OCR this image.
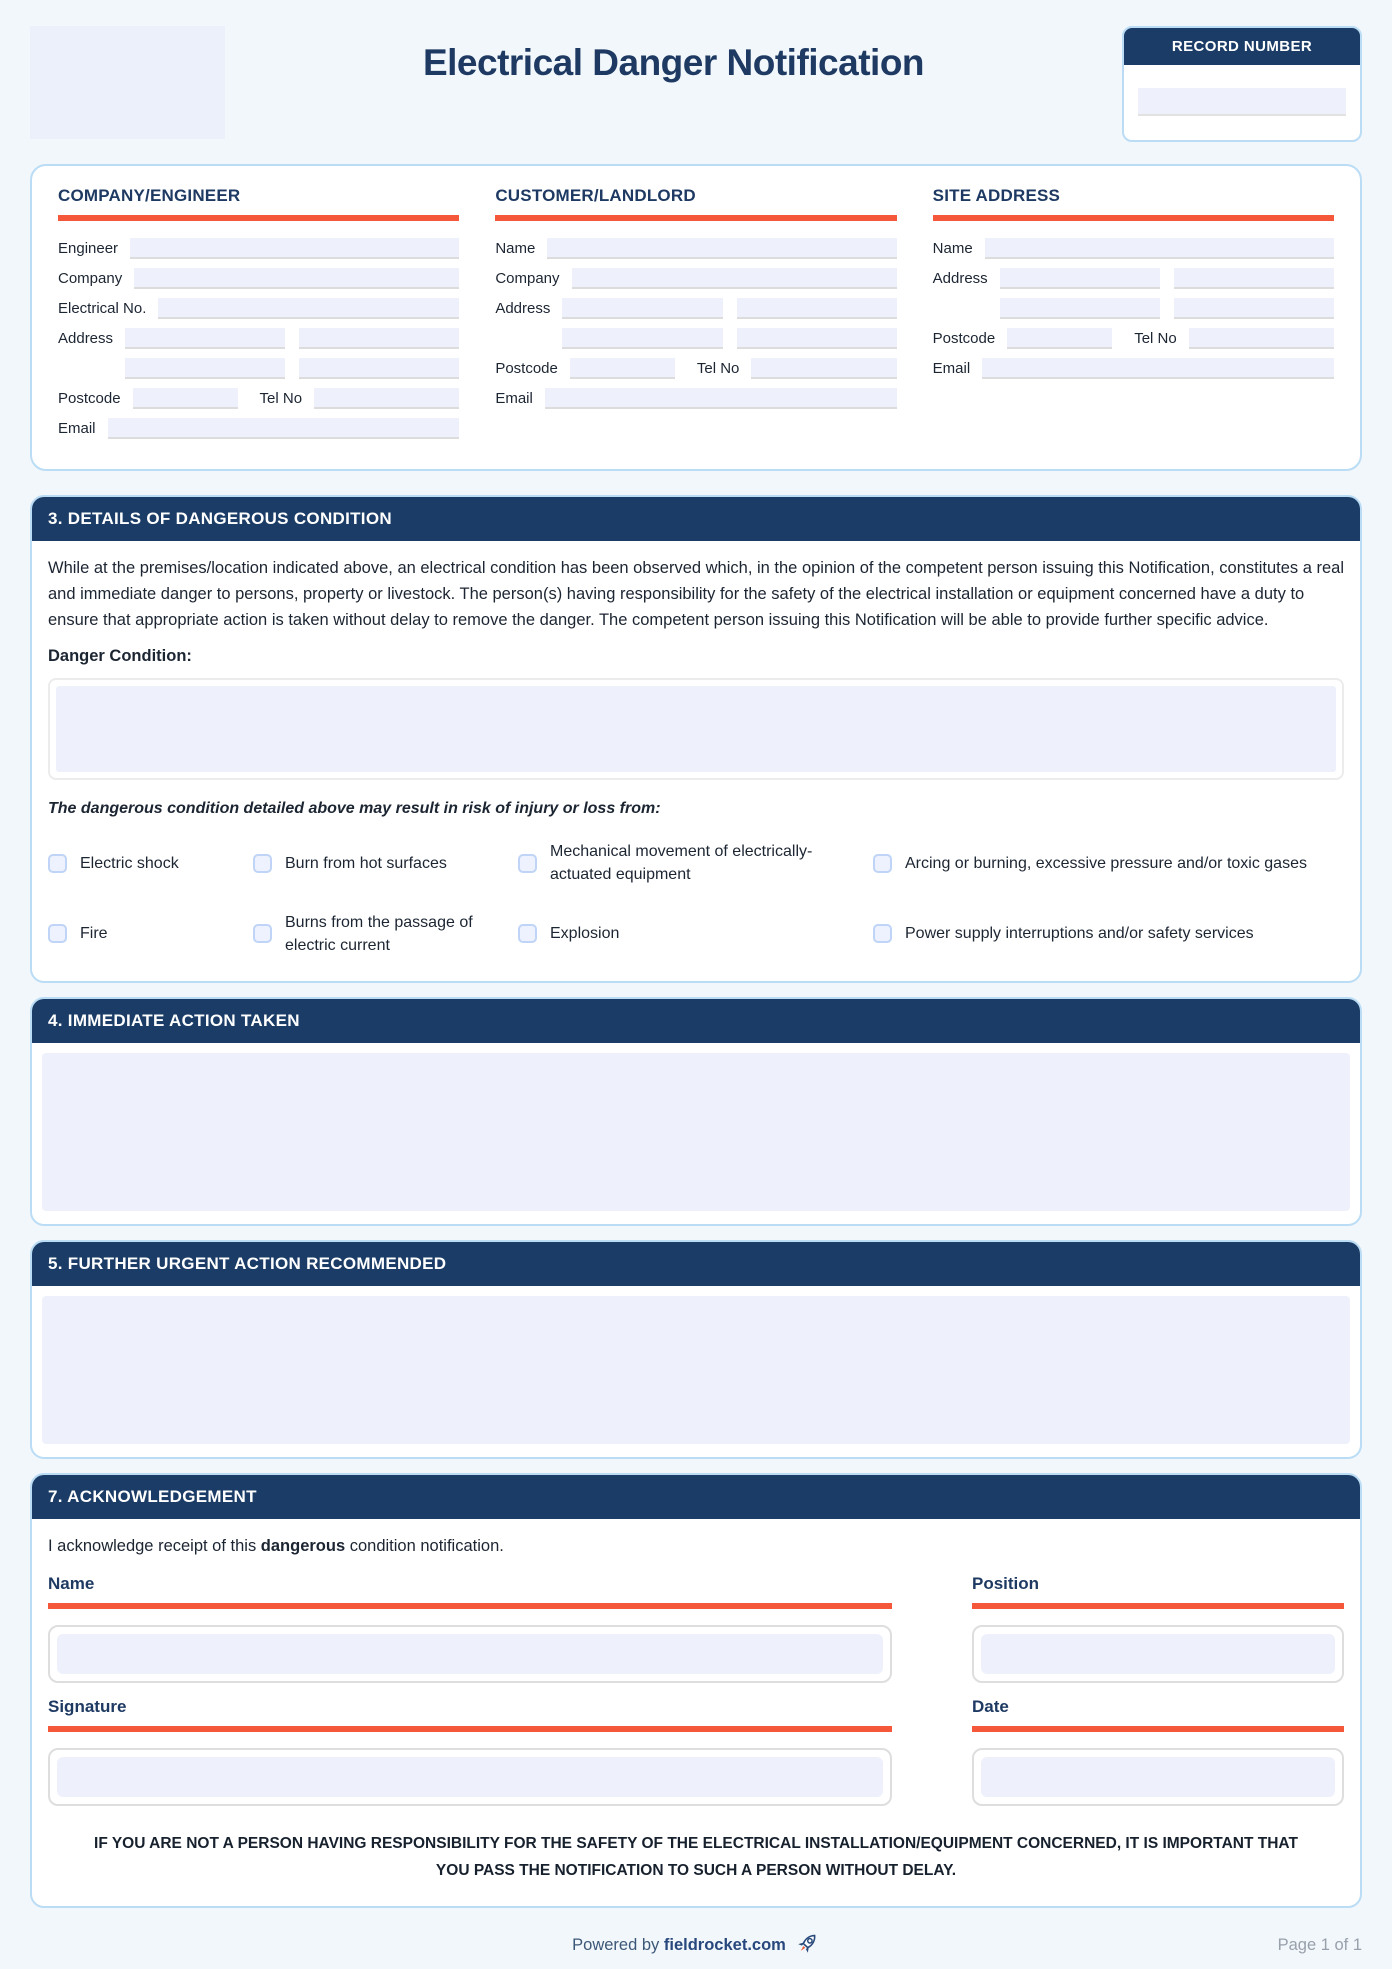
Electrical Danger Notification	RECORD NUMBER
COMPANY/ENGINEER
Engineer
Company
Electrical No.
Address
Postcode	Tel No
Email
CUSTOMER/LANDLORD
Name
Company
Address
Postcode	Tel No
Email
SITE ADDRESS
Name
Address
Postcode	Tel No
Email
3. DETAILS OF DANGEROUS CONDITION

While at the premises/location indicated above, an electrical condition has been observed which, in the opinion of the competent person issuing this Notification, constitutes a real and immediate danger to persons, property or livestock. The person(s) having responsibility for the safety of the electrical installation or equipment concerned have a duty to ensure that appropriate action is taken without delay to remove the danger. The competent person issuing this Notification will be able to provide further specific advice.

Danger Condition:
The dangerous condition detailed above may result in risk of injury or loss from:
Electric shock	Burn from hot surfaces
Mechanical movement of electrically-actuated equipment
Arcing or burning, excessive pressure and/or toxic gases
Fire
Burns from the passage of electric current
Explosion	Power supply interruptions and/or safety services
4. IMMEDIATE ACTION TAKEN
5. FURTHER URGENT ACTION RECOMMENDED
7. ACKNOWLEDGEMENT

I acknowledge receipt of this dangerous condition notification.

Name	Position
Signature	Date
IF YOU ARE NOT A PERSON HAVING RESPONSIBILITY FOR THE SAFETY OF THE ELECTRICAL INSTALLATION/EQUIPMENT CONCERNED, IT IS IMPORTANT THAT YOU PASS THE NOTIFICATION TO SUCH A PERSON WITHOUT DELAY.
Powered by fieldrocket.com	Page 1 of 1
